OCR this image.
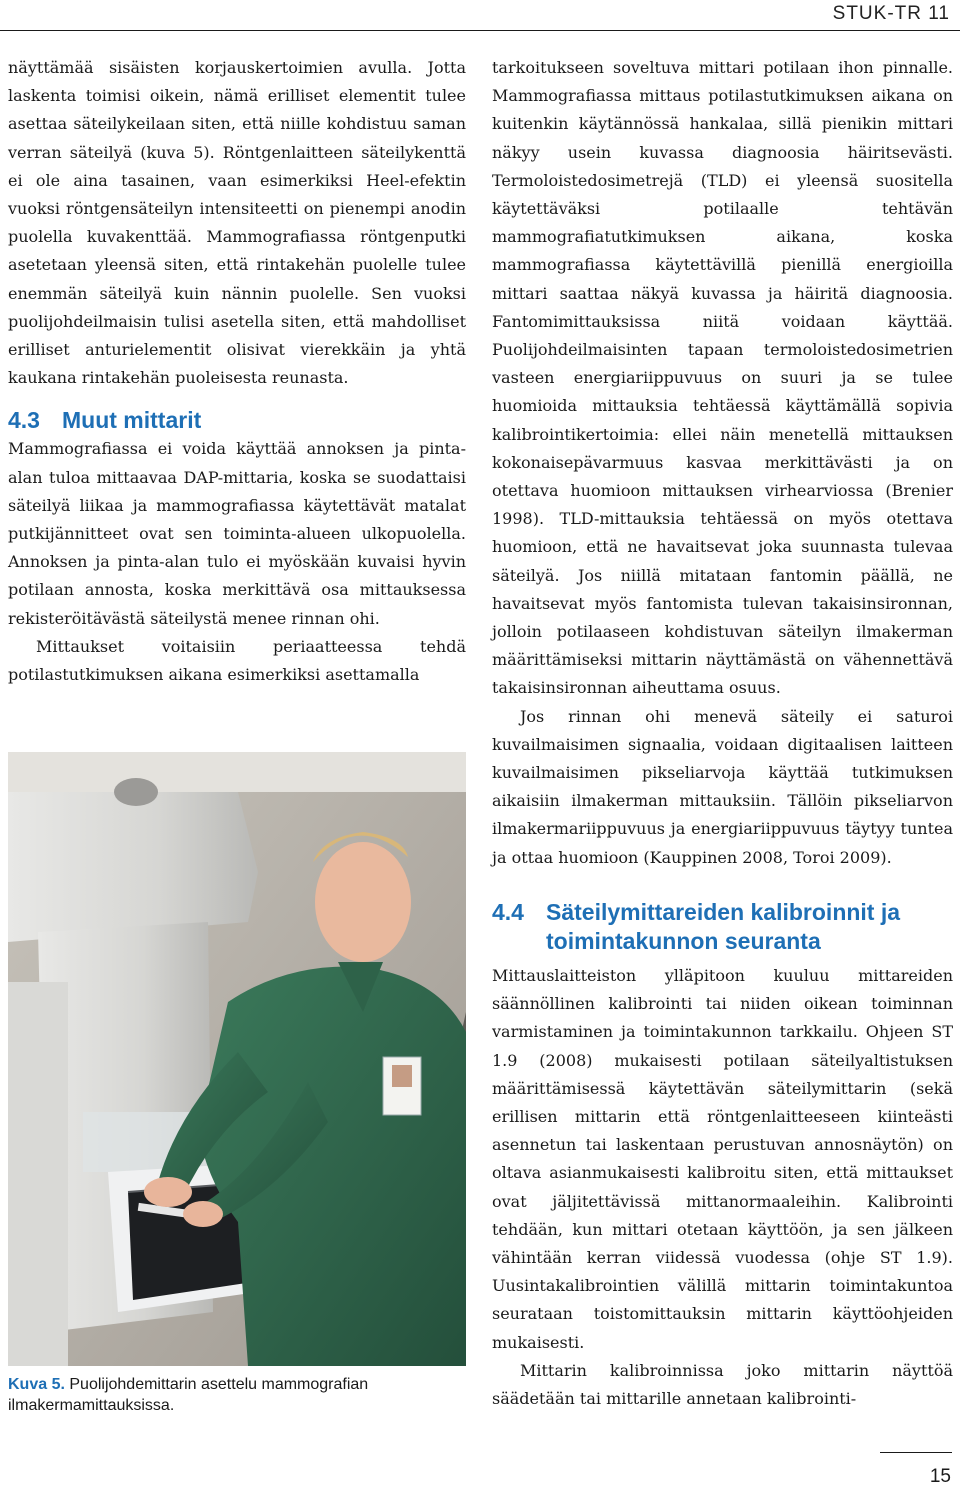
STUK-TR 11

näyttämää sisäisten korjauskertoimien avulla. Jotta laskenta toimisi oikein, nämä erilliset elementit tulee asettaa säteilykeilaan siten, että niille kohdistuu saman verran säteilyä (kuva 5). Röntgenlaitteen säteilykenttä ei ole aina tasainen, vaan esimerkiksi Heel-efektin vuoksi röntgensäteilyn intensiteetti on pienempi anodin puolella kuvakenttää. Mammografiassa röntgenputki asetetaan yleensä siten, että rintakehän puolelle tulee enemmän säteilyä kuin nännin puolelle. Sen vuoksi puolijohdeilmaisin tulisi asetella siten, että mahdolliset erilliset anturielementit olisivat vierekkäin ja yhtä kaukana rintakehän puoleisesta reunasta.

4.3 Muut mittarit

Mammografiassa ei voida käyttää annoksen ja pinta-alan tuloa mittaavaa DAP-mittaria, koska se suodattaisi säteilyä liikaa ja mammografiassa käytettävät matalat putkijännitteet ovat sen toiminta-alueen ulkopuolella. Annoksen ja pinta-alan tulo ei myöskään kuvaisi hyvin potilaan annosta, koska merkittävä osa mittauksessa rekisteröitävästä säteilystä menee rinnan ohi.

Mittaukset voitaisiin periaatteessa tehdä potilastutkimuksen aikana esimerkiksi asettamalla

Kuva 5. Puolijohdemittarin asettelu mammografian ilmakermamittauksissa.

tarkoitukseen soveltuva mittari potilaan ihon pinnalle. Mammografiassa mittaus potilastutkimuksen aikana on kuitenkin käytännössä hankalaa, sillä pienikin mittari näkyy usein kuvassa diagnoosia häiritsevästi. Termoloistedosimetrejä (TLD) ei yleensä suositella käytettäväksi potilaalle tehtävän mammografiatutkimuksen aikana, koska mammografiassa käytettävillä pienillä energioilla mittari saattaa näkyä kuvassa ja häiritä diagnoosia. Fantomimittauksissa niitä voidaan käyttää. Puolijohdeilmaisinten tapaan termoloistedosimetrien vasteen energiariippuvuus on suuri ja se tulee huomioida mittauksia tehtäessä käyttämällä sopivia kalibrointikertoimia: ellei näin menetellä mittauksen kokonaisepävarmuus kasvaa merkittävästi ja on otettava huomioon mittauksen virhearviossa (Brenier 1998). TLD-mittauksia tehtäessä on myös otettava huomioon, että ne havaitsevat joka suunnasta tulevaa säteilyä. Jos niillä mitataan fantomin päällä, ne havaitsevat myös fantomista tulevan takaisinsironnan, jolloin potilaaseen kohdistuvan säteilyn ilmakerman määrittämiseksi mittarin näyttämästä on vähennettävä takaisinsironnan aiheuttama osuus.

Jos rinnan ohi menevä säteily ei saturoi kuvailmaisimen signaalia, voidaan digitaalisen laitteen kuvailmaisimen pikseliarvoja käyttää tutkimuksen aikaisiin ilmakerman mittauksiin. Tällöin pikseliarvon ilmakermariippuvuus ja energiariippuvuus täytyy tuntea ja ottaa huomioon (Kauppinen 2008, Toroi 2009).

4.4 Säteilymittareiden kalibroinnit ja toimintakunnon seuranta

Mittauslaitteiston ylläpitoon kuuluu mittareiden säännöllinen kalibrointi tai niiden oikean toiminnan varmistaminen ja toimintakunnon tarkkailu. Ohjeen ST 1.9 (2008) mukaisesti potilaan säteilyaltistuksen määrittämisessä käytettävän säteilymittarin (sekä erillisen mittarin että röntgenlaitteeseen kiinteästi asennetun tai laskentaan perustuvan annosnäytön) on oltava asianmukaisesti kalibroitu siten, että mittaukset ovat jäljitettävissä mittanormaaleihin. Kalibrointi tehdään, kun mittari otetaan käyttöön, ja sen jälkeen vähintään kerran viidessä vuodessa (ohje ST 1.9). Uusintakalibrointien välillä mittarin toimintakuntoa seurataan toistomittauksin mittarin käyttöohjeiden mukaisesti.

Mittarin kalibroinnissa joko mittarin näyttöä säädetään tai mittarille annetaan kalibrointi-

15
